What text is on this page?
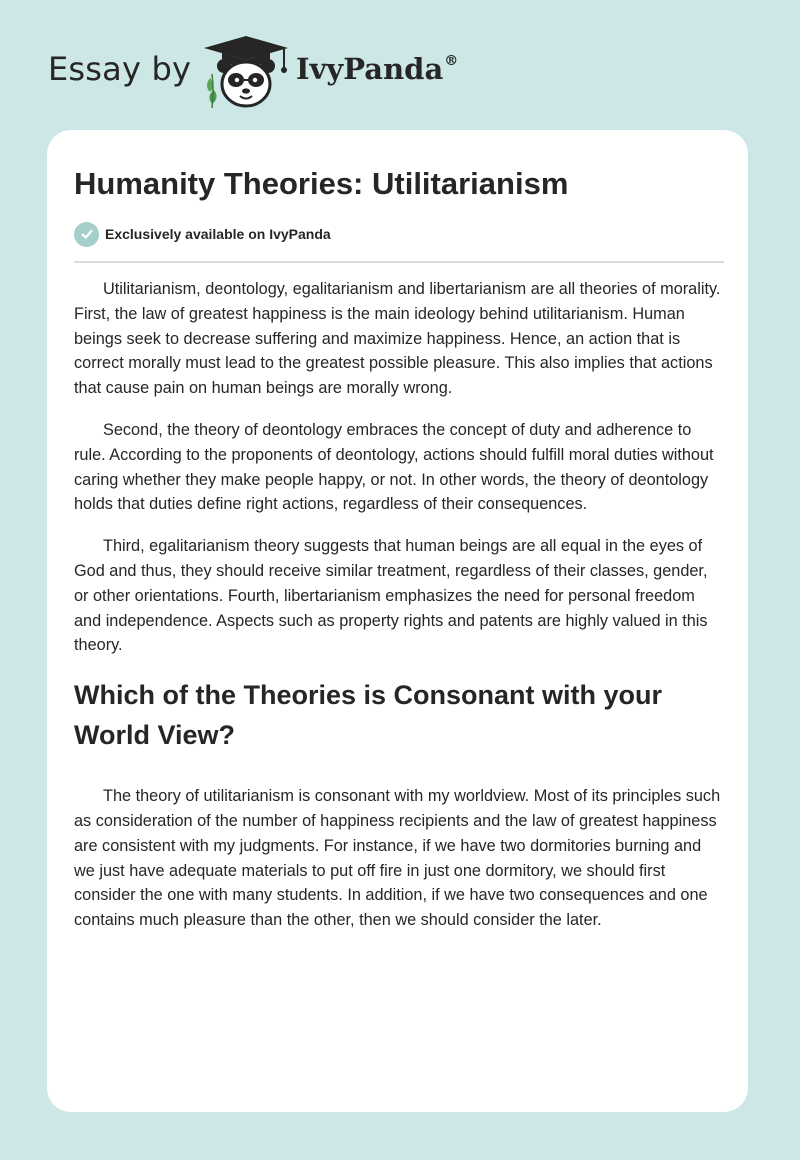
Essay by	IvyPanda®
Humanity Theories: Utilitarianism
Exclusively available on IvyPanda

Utilitarianism, deontology, egalitarianism and libertarianism are all theories of morality. First, the law of greatest happiness is the main ideology behind utilitarianism. Human beings seek to decrease suffering and maximize happiness. Hence, an action that is correct morally must lead to the greatest possible pleasure. This also implies that actions that cause pain on human beings are morally wrong.

Second, the theory of deontology embraces the concept of duty and adherence to rule. According to the proponents of deontology, actions should fulfill moral duties without caring whether they make people happy, or not. In other words, the theory of deontology holds that duties define right actions, regardless of their consequences.

Third, egalitarianism theory suggests that human beings are all equal in the eyes of God and thus, they should receive similar treatment, regardless of their classes, gender, or other orientations. Fourth, libertarianism emphasizes the need for personal freedom and independence. Aspects such as property rights and patents are highly valued in this theory.

Which of the Theories is Consonant with your World View?

The theory of utilitarianism is consonant with my worldview. Most of its principles such as consideration of the number of happiness recipients and the law of greatest happiness are consistent with my judgments. For instance, if we have two dormitories burning and we just have adequate materials to put off fire in just one dormitory, we should first consider the one with many students. In addition, if we have two consequences and one contains much pleasure than the other, then we should consider the later.
